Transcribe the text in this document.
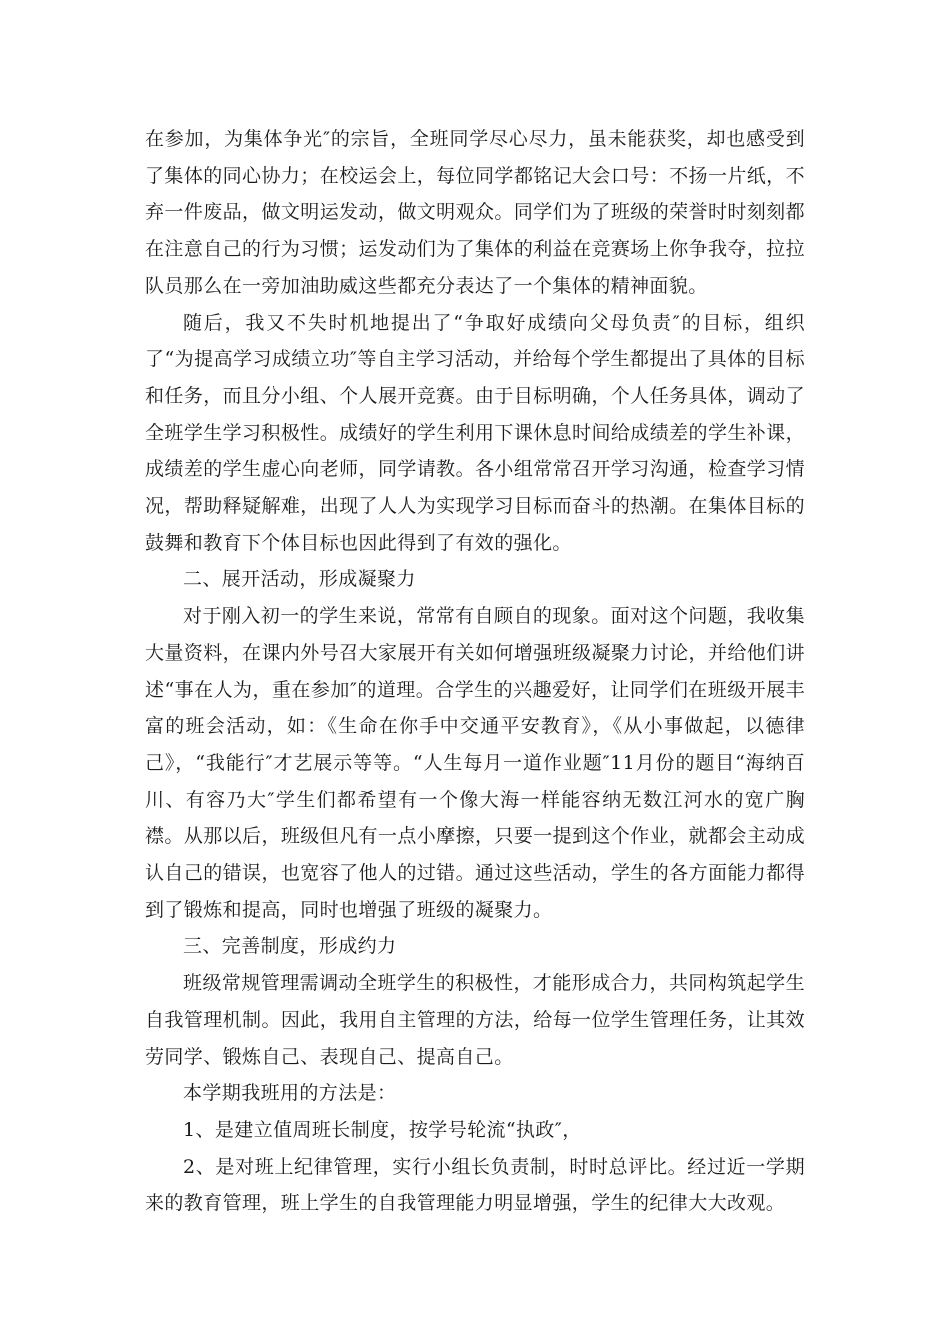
在参加，为集体争光″的宗旨，全班同学尽心尽力，虽未能获奖，却也感受到了集体的同心协力；在校运会上，每位同学都铭记大会口号：不扬一片纸，不弃一件废品，做文明运发动，做文明观众。同学们为了班级的荣誉时时刻刻都在注意自己的行为习惯；运发动们为了集体的利益在竞赛场上你争我夺，拉拉队员那么在一旁加油助威这些都充分表达了一个集体的精神面貌。

随后，我又不失时机地提出了“争取好成绩向父母负责″的目标，组织了“为提高学习成绩立功″等自主学习活动，并给每个学生都提出了具体的目标和任务，而且分小组、个人展开竞赛。由于目标明确，个人任务具体，调动了全班学生学习积极性。成绩好的学生利用下课休息时间给成绩差的学生补课，成绩差的学生虚心向老师，同学请教。各小组常常召开学习沟通，检查学习情况，帮助释疑解难，出现了人人为实现学习目标而奋斗的热潮。在集体目标的鼓舞和教育下个体目标也因此得到了有效的强化。

二、展开活动，形成凝聚力

对于刚入初一的学生来说，常常有自顾自的现象。面对这个问题，我收集大量资料，在课内外号召大家展开有关如何增强班级凝聚力讨论，并给他们讲述“事在人为，重在参加″的道理。合学生的兴趣爱好，让同学们在班级开展丰富的班会活动，如：《生命在你手中交通平安教育》，《从小事做起，以德律己》，“我能行″才艺展示等等。“人生每月一道作业题″11月份的题目“海纳百川、有容乃大″学生们都希望有一个像大海一样能容纳无数江河水的宽广胸襟。从那以后，班级但凡有一点小摩擦，只要一提到这个作业，就都会主动成认自己的错误，也宽容了他人的过错。通过这些活动，学生的各方面能力都得到了锻炼和提高，同时也增强了班级的凝聚力。

三、完善制度，形成约力

班级常规管理需调动全班学生的积极性，才能形成合力，共同构筑起学生自我管理机制。因此，我用自主管理的方法，给每一位学生管理任务，让其效劳同学、锻炼自己、表现自己、提高自己。

本学期我班用的方法是：

1、是建立值周班长制度，按学号轮流“执政″，

2、是对班上纪律管理，实行小组长负责制，时时总评比。经过近一学期来的教育管理，班上学生的自我管理能力明显增强，学生的纪律大大改观。
